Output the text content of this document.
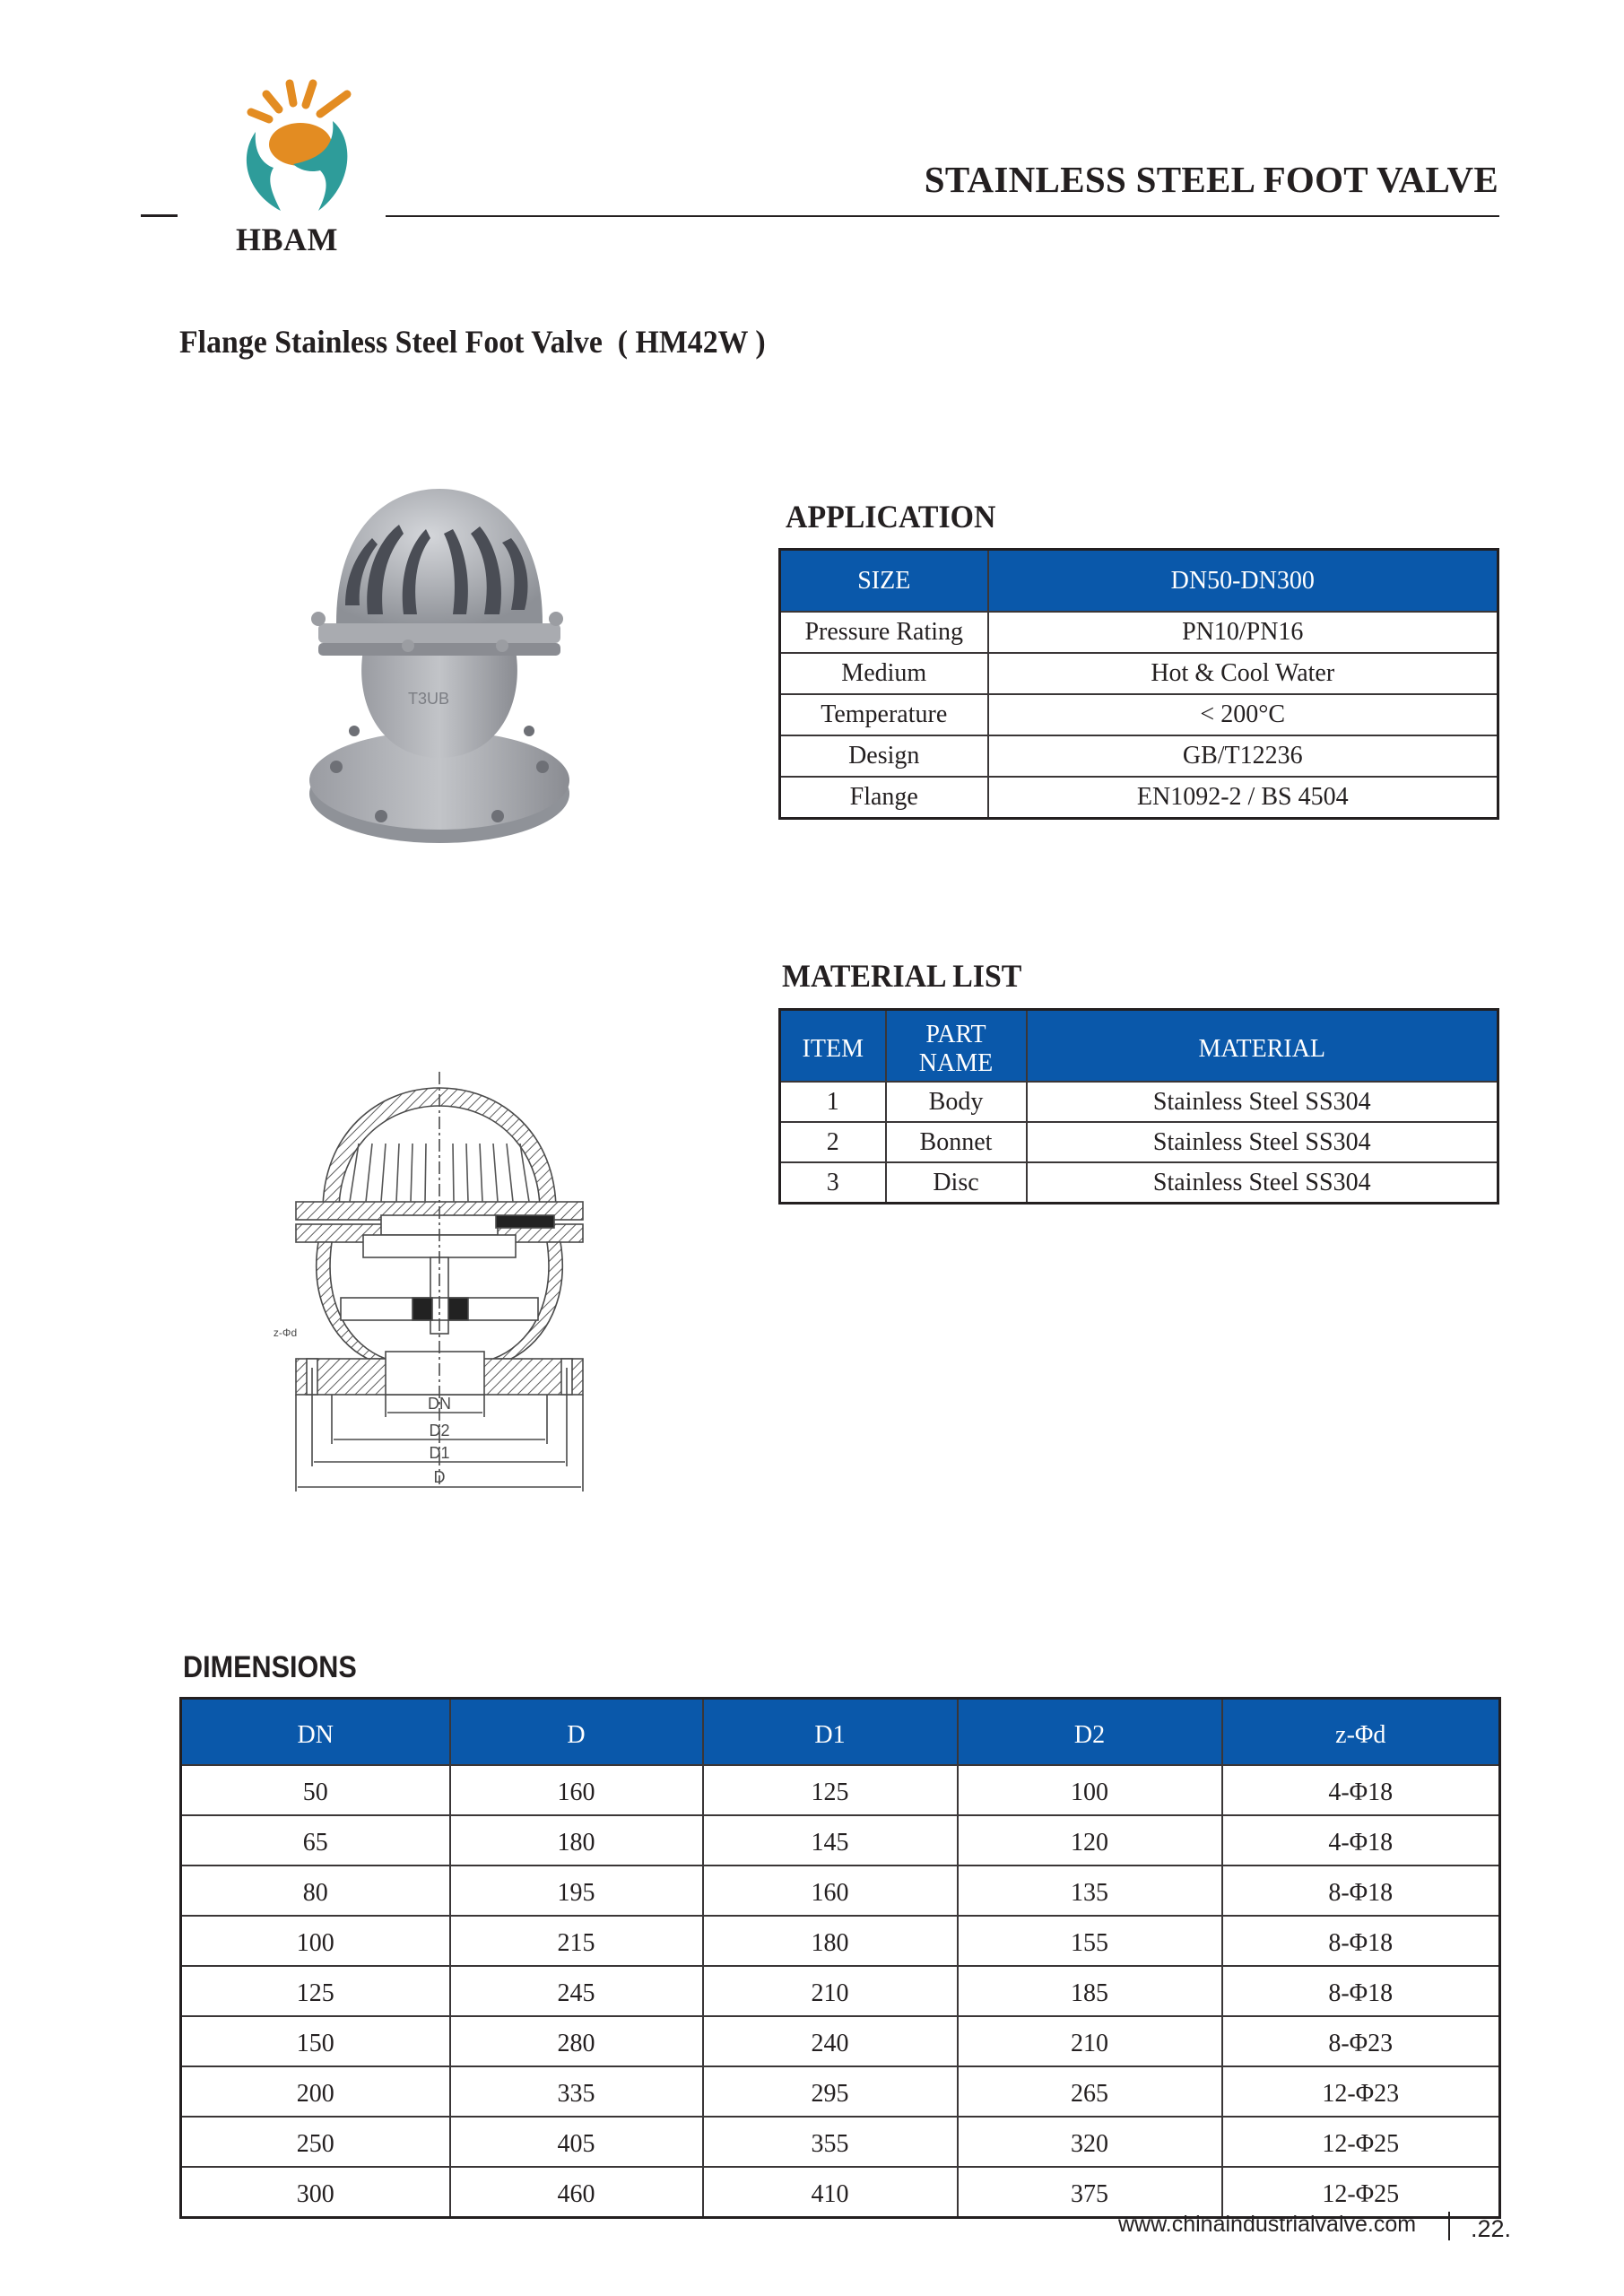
HBAM
STAINLESS STEEL FOOT VALVE
Flange Stainless Steel Foot Valve  ( HM42W )
T3UB
DN
D2
D1
D
z-Φd
APPLICATION
SIZE	DN50-DN300
Pressure Rating	PN10/PN16
Medium	Hot & Cool Water
Temperature	< 200°C
Design	GB/T12236
Flange	EN1092-2 / BS 4504
MATERIAL LIST
ITEM	PART NAME	MATERIAL
1	Body	Stainless Steel SS304
2	Bonnet	Stainless Steel SS304
3	Disc	Stainless Steel SS304
DIMENSIONS
DN	D	D1	D2	z-Φd
50	160	125	100	4-Φ18
65	180	145	120	4-Φ18
80	195	160	135	8-Φ18
100	215	180	155	8-Φ18
125	245	210	185	8-Φ18
150	280	240	210	8-Φ23
200	335	295	265	12-Φ23
250	405	355	320	12-Φ25
300	460	410	375	12-Φ25
www.chinaindustrialvalve.com .22.
